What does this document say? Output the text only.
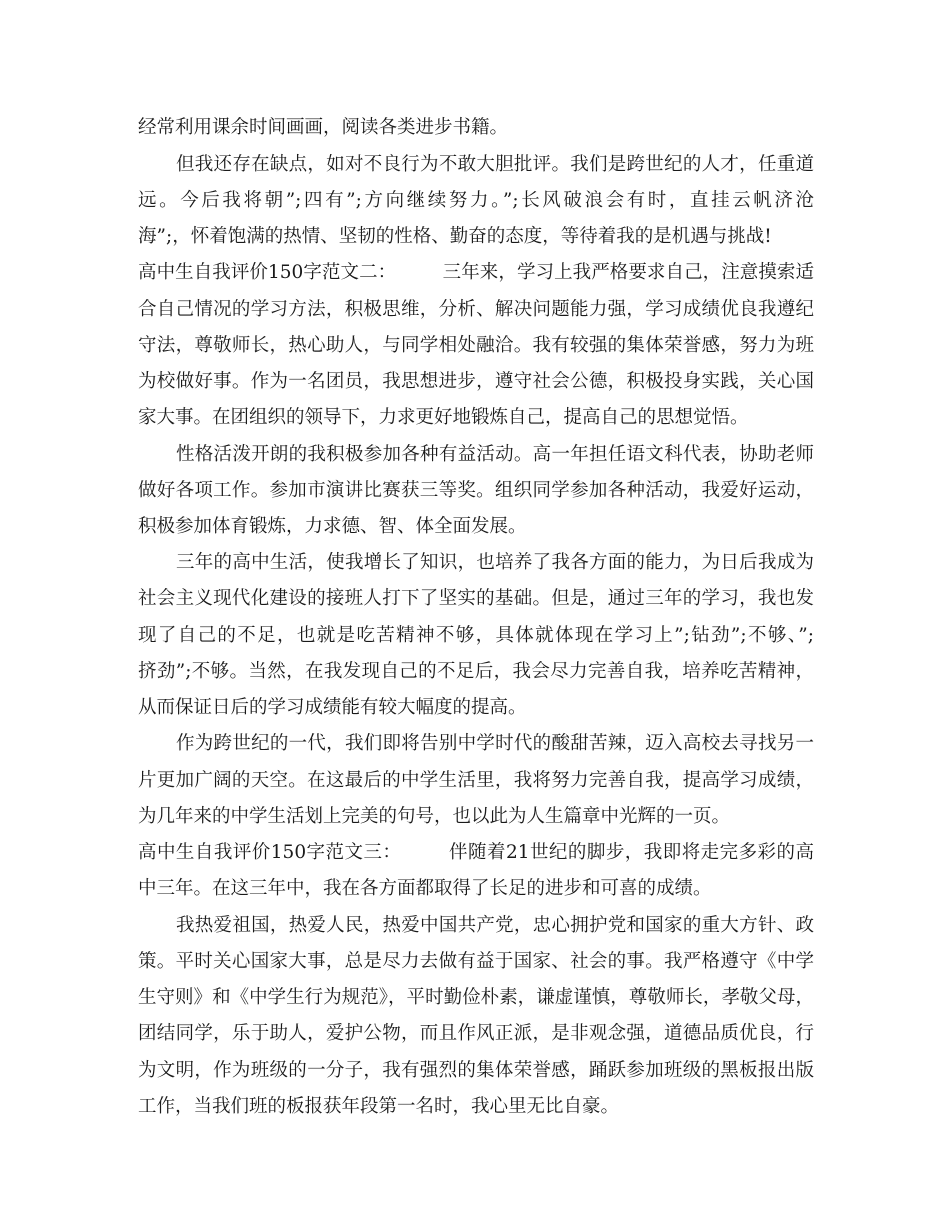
经常利用课余时间画画，阅读各类进步书籍。
但我还存在缺点，如对不良行为不敢大胆批评。我们是跨世纪的人才，任重道
远。今后我将朝”;四有”;方向继续努力。”;长风破浪会有时，直挂云帆济沧
海”;，怀着饱满的热情、坚韧的性格、勤奋的态度，等待着我的是机遇与挑战!
高中生自我评价150字范文二：　　　三年来，学习上我严格要求自己，注意摸索适
合自己情况的学习方法，积极思维，分析、解决问题能力强，学习成绩优良我遵纪
守法，尊敬师长，热心助人，与同学相处融洽。我有较强的集体荣誉感，努力为班
为校做好事。作为一名团员，我思想进步，遵守社会公德，积极投身实践，关心国
家大事。在团组织的领导下，力求更好地锻炼自己，提高自己的思想觉悟。
性格活泼开朗的我积极参加各种有益活动。高一年担任语文科代表，协助老师
做好各项工作。参加市演讲比赛获三等奖。组织同学参加各种活动，我爱好运动，
积极参加体育锻炼，力求德、智、体全面发展。
三年的高中生活，使我增长了知识，也培养了我各方面的能力，为日后我成为
社会主义现代化建设的接班人打下了坚实的基础。但是，通过三年的学习，我也发
现了自己的不足，也就是吃苦精神不够，具体就体现在学习上”;钻劲”;不够、”;
挤劲”;不够。当然，在我发现自己的不足后，我会尽力完善自我，培养吃苦精神，
从而保证日后的学习成绩能有较大幅度的提高。
作为跨世纪的一代，我们即将告别中学时代的酸甜苦辣，迈入高校去寻找另一
片更加广阔的天空。在这最后的中学生活里，我将努力完善自我，提高学习成绩，
为几年来的中学生活划上完美的句号，也以此为人生篇章中光辉的一页。
高中生自我评价150字范文三：　　　伴随着21世纪的脚步，我即将走完多彩的高
中三年。在这三年中，我在各方面都取得了长足的进步和可喜的成绩。
我热爱祖国，热爱人民，热爱中国共产党，忠心拥护党和国家的重大方针、政
策。平时关心国家大事，总是尽力去做有益于国家、社会的事。我严格遵守《中学
生守则》和《中学生行为规范》，平时勤俭朴素，谦虚谨慎，尊敬师长，孝敬父母，
团结同学，乐于助人，爱护公物，而且作风正派，是非观念强，道德品质优良，行
为文明，作为班级的一分子，我有强烈的集体荣誉感，踊跃参加班级的黑板报出版
工作，当我们班的板报获年段第一名时，我心里无比自豪。
